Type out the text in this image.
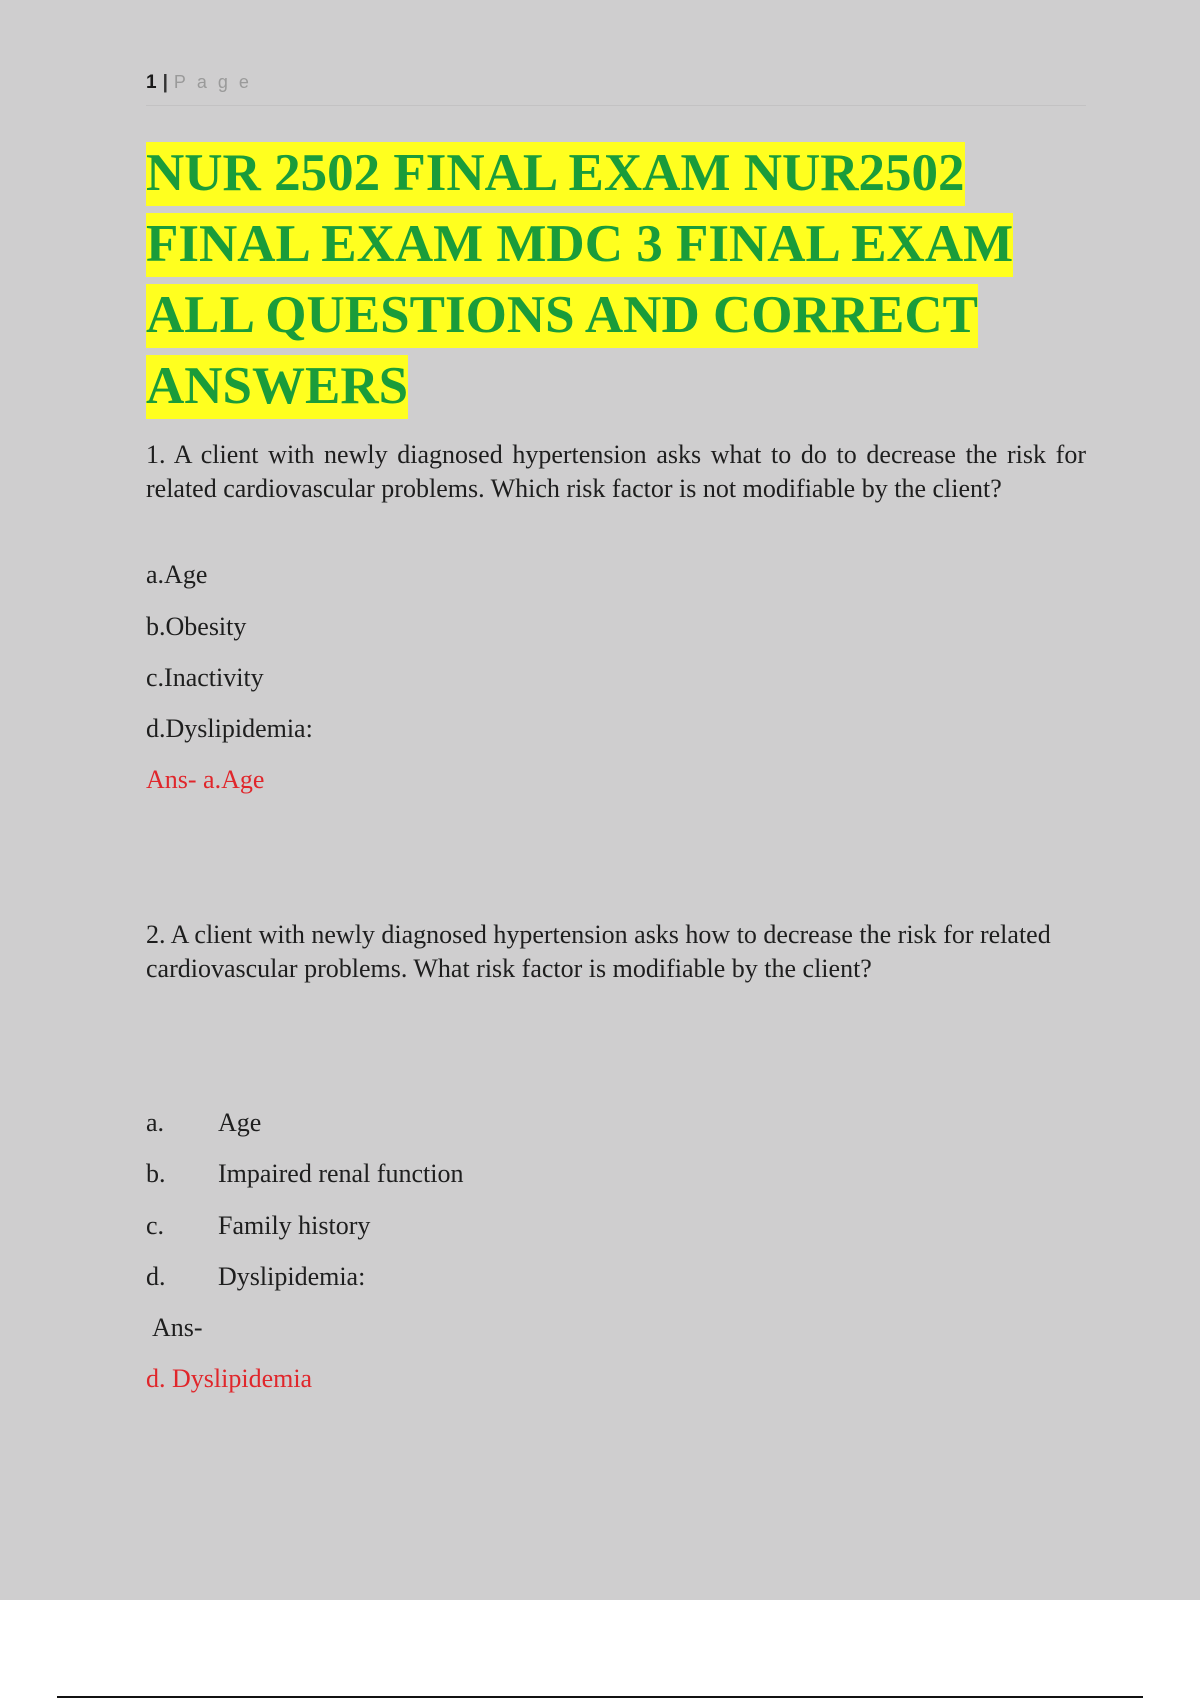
1 | Page
NUR 2502 FINAL EXAM NUR2502
FINAL EXAM MDC 3 FINAL EXAM
ALL QUESTIONS AND CORRECT
ANSWERS

1. A client with newly diagnosed hypertension asks what to do to decrease the risk for related cardiovascular problems. Which risk factor is not modifiable by the client?

a.Age

b.Obesity

c.Inactivity

d.Dyslipidemia:

Ans- a.Age

2. A client with newly diagnosed hypertension asks how to decrease the risk for related cardiovascular problems. What risk factor is modifiable by the client?

a.	Age
b.	Impaired renal function
c.	Family history
d.	Dyslipidemia:

Ans-

d. Dyslipidemia
